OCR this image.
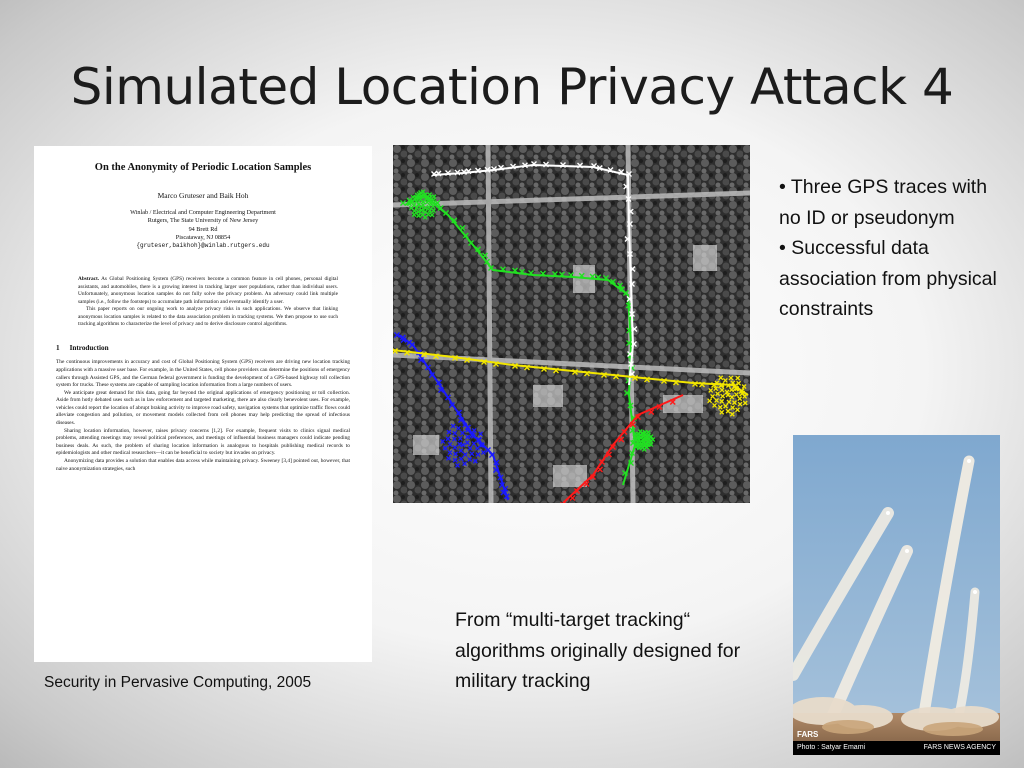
Simulated Location Privacy Attack 4
On the Anonymity of Periodic Location Samples
Marco Gruteser and Baik Hoh
Winlab / Electrical and Computer Engineering Department
Rutgers, The State University of New Jersey
94 Brett Rd
Piscataway, NJ 08854
{gruteser,baikhoh}@winlab.rutgers.edu
Abstract. As Global Positioning System (GPS) receivers become a common feature in cell phones, personal digital assistants, and automobiles, there is a growing interest in tracking larger user populations, rather than individual users. Unfortunately, anonymous location samples do not fully solve the privacy problem. An adversary could link multiple samples (i.e., follow the footsteps) to accumulate path information and eventually identify a user.
This paper reports on our ongoing work to analyze privacy risks in such applications. We observe that linking anonymous location samples is related to the data association problem in tracking systems. We then propose to use such tracking algorithms to characterize the level of privacy and to derive disclosure control algorithms.
1 Introduction
The continuous improvements in accuracy and cost of Global Positioning System (GPS) receivers are driving new location tracking applications with a massive user base. For example, in the United States, cell phone providers can determine the positions of emergency callers through Assisted GPS, and the German federal government is funding the development of a GPS-based highway toll collection system for trucks. These systems are capable of sampling location information from a large numbers of users.
We anticipate great demand for this data, going far beyond the original applications of emergency positioning or toll collection. Aside from hotly debated uses such as in law enforcement and targeted marketing, there are also clearly benevolent uses. For example, vehicles could report the location of abrupt braking activity to improve road safety, navigation systems that optimize traffic flows could alleviate congestion and pollution, or movement models collected from cell phones may help predicting the spread of infectious diseases.
Sharing location information, however, raises privacy concerns [1,2]. For example, frequent visits to clinics signal medical problems, attending meetings may reveal political preferences, and meetings of influential business managers could indicate pending business deals. As such, the problem of sharing location information is analogous to hospitals publishing medical records to epidemiologists and other medical researchers—it can be beneficial to society but invades on privacy.
Anonymizing data provides a solution that enables data access while maintaining privacy. Sweeney [3,4] pointed out, however, that naive anonymization strategies, such
Security in Pervasive Computing, 2005
• Three GPS traces with no ID or pseudonym
• Successful data association from physical constraints
From “multi-target tracking“ algorithms originally designed for military tracking
FARS
Photo : Satyar Emami	FARS NEWS AGENCY
